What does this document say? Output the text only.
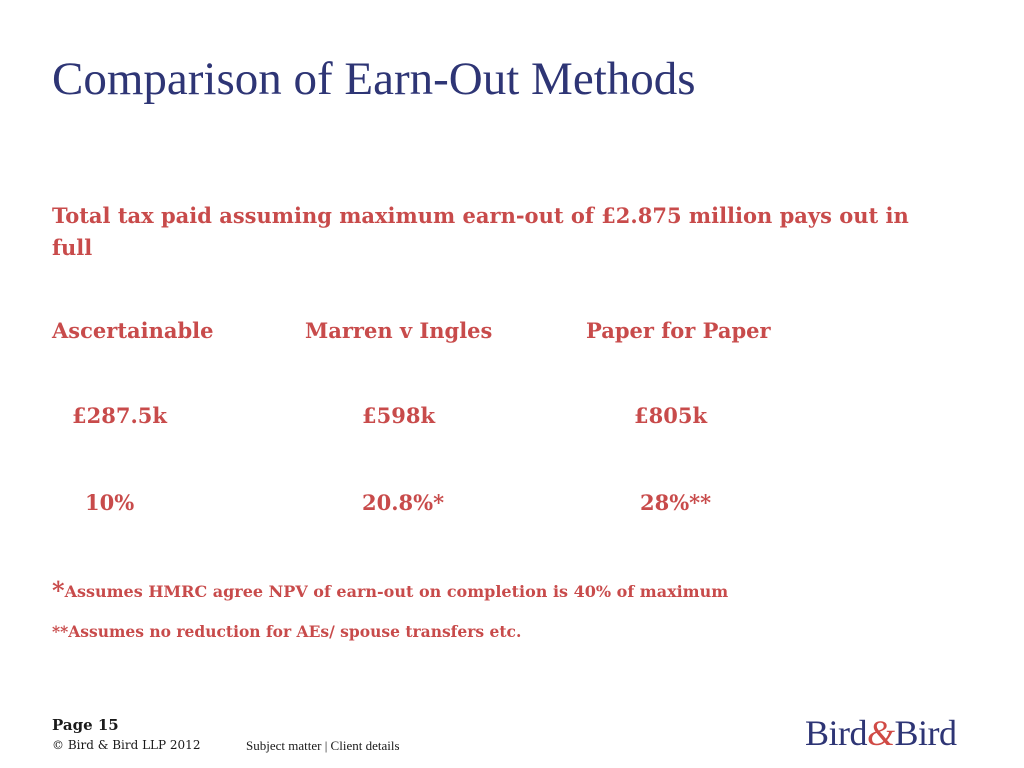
Comparison of Earn-Out Methods
Total tax paid assuming maximum earn-out of £2.875 million pays out in full
Ascertainable	Marren v Ingles	Paper for Paper
£287.5k	£598k	£805k
10%	20.8%*	28%**
*Assumes HMRC agree NPV of earn-out on completion is 40% of maximum
**Assumes no reduction for AEs/ spouse transfers etc.
Page 15
© Bird & Bird LLP 2012	Subject matter | Client details	Bird&Bird
